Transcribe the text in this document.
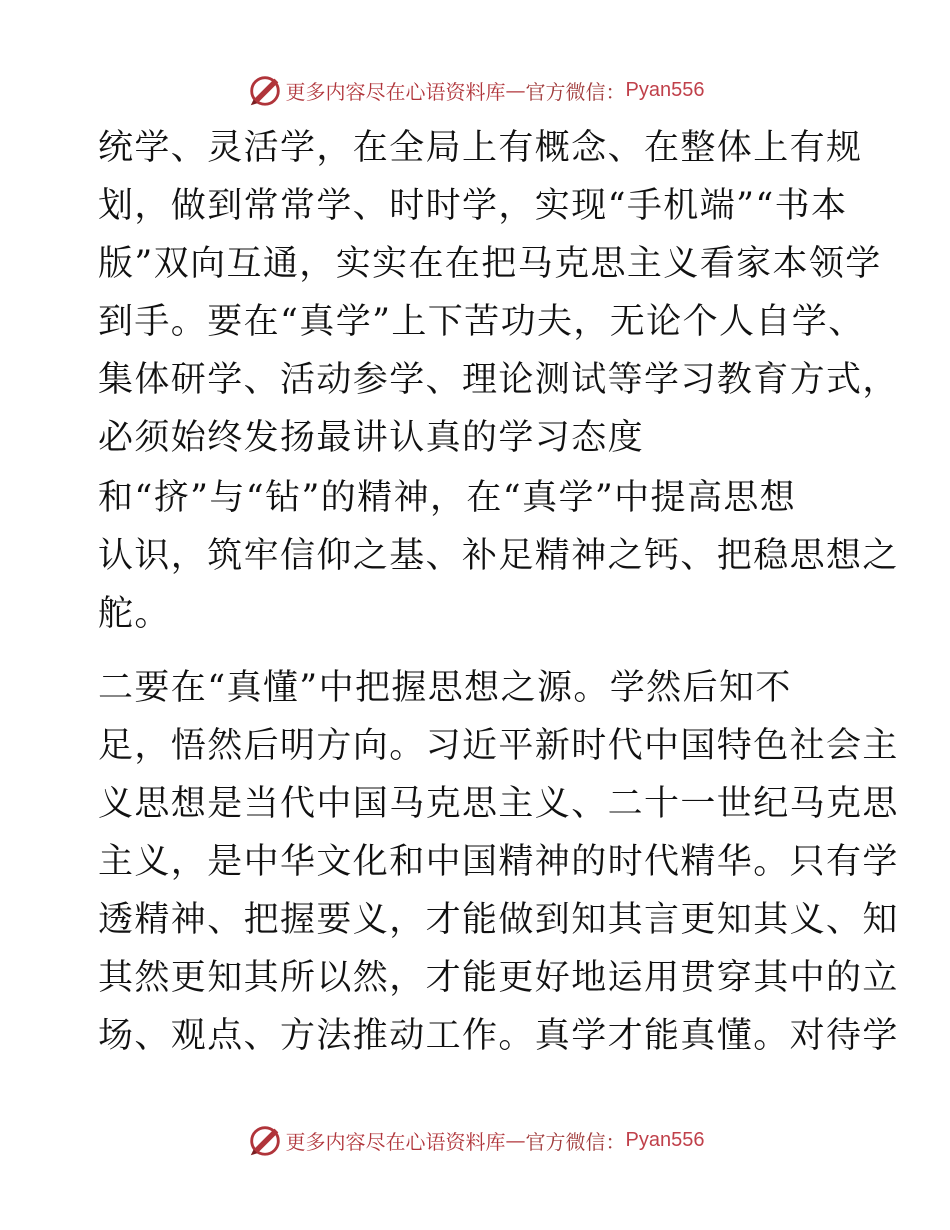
更多内容尽在心语资料库 — 官方微信： Pyan556
统学、灵活学，在全局上有概念、在整体上有规
划，做到常常学、时时学，实现“手机端”“书本
版”双向互通，实实在在把马克思主义看家本领学
到手。要在“真学”上下苦功夫，无论个人自学、
集体研学、活动参学、理论测试等学习教育方式，
必须始终发扬最讲认真的学习态度
和“挤”与“钻”的精神，在“真学”中提高思想
认识，筑牢信仰之基、补足精神之钙、把稳思想之
舵。
二要在“真懂”中把握思想之源。学然后知不
足，悟然后明方向。习近平新时代中国特色社会主
义思想是当代中国马克思主义、二十一世纪马克思
主义，是中华文化和中国精神的时代精华。只有学
透精神、把握要义，才能做到知其言更知其义、知
其然更知其所以然，才能更好地运用贯穿其中的立
场、观点、方法推动工作。真学才能真懂。对待学
更多内容尽在心语资料库 — 官方微信： Pyan556
